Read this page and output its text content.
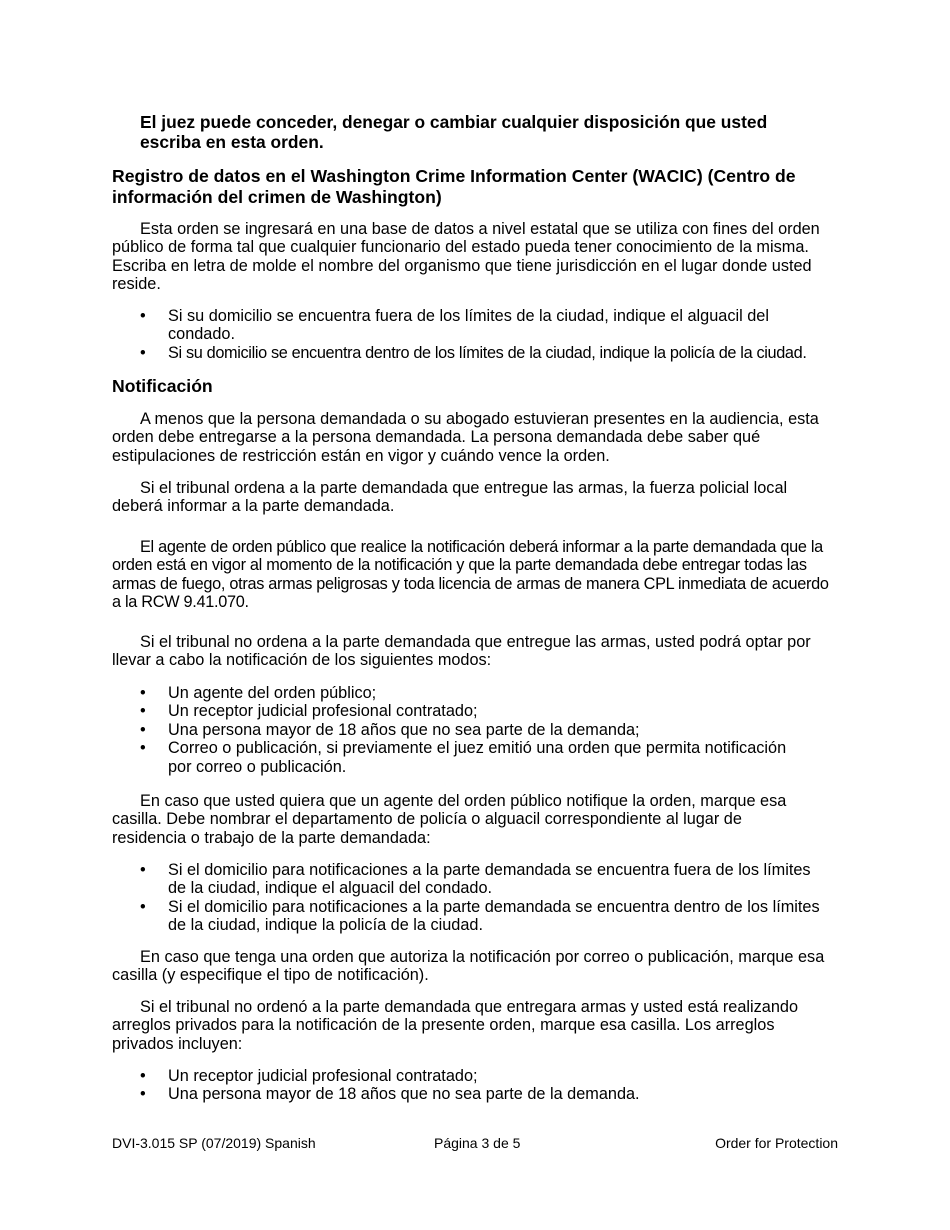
El juez puede conceder, denegar o cambiar cualquier disposición que usted escriba en esta orden.

Registro de datos en el Washington Crime Information Center (WACIC) (Centro de información del crimen de Washington)

Esta orden se ingresará en una base de datos a nivel estatal que se utiliza con fines del orden público de forma tal que cualquier funcionario del estado pueda tener conocimiento de la misma. Escriba en letra de molde el nombre del organismo que tiene jurisdicción en el lugar donde usted reside.

• Si su domicilio se encuentra fuera de los límites de la ciudad, indique el alguacil del condado.
• Si su domicilio se encuentra dentro de los límites de la ciudad, indique la policía de la ciudad.

Notificación

A menos que la persona demandada o su abogado estuvieran presentes en la audiencia, esta orden debe entregarse a la persona demandada. La persona demandada debe saber qué estipulaciones de restricción están en vigor y cuándo vence la orden.

Si el tribunal ordena a la parte demandada que entregue las armas, la fuerza policial local deberá informar a la parte demandada.

El agente de orden público que realice la notificación deberá informar a la parte demandada que la orden está en vigor al momento de la notificación y que la parte demandada debe entregar todas las armas de fuego, otras armas peligrosas y toda licencia de armas de manera CPL inmediata de acuerdo a la RCW 9.41.070.

Si el tribunal no ordena a la parte demandada que entregue las armas, usted podrá optar por llevar a cabo la notificación de los siguientes modos:

• Un agente del orden público;
• Un receptor judicial profesional contratado;
• Una persona mayor de 18 años que no sea parte de la demanda;
• Correo o publicación, si previamente el juez emitió una orden que permita notificación por correo o publicación.

En caso que usted quiera que un agente del orden público notifique la orden, marque esa casilla. Debe nombrar el departamento de policía o alguacil correspondiente al lugar de residencia o trabajo de la parte demandada:

• Si el domicilio para notificaciones a la parte demandada se encuentra fuera de los límites de la ciudad, indique el alguacil del condado.
• Si el domicilio para notificaciones a la parte demandada se encuentra dentro de los límites de la ciudad, indique la policía de la ciudad.

En caso que tenga una orden que autoriza la notificación por correo o publicación, marque esa casilla (y especifique el tipo de notificación).

Si el tribunal no ordenó a la parte demandada que entregara armas y usted está realizando arreglos privados para la notificación de la presente orden, marque esa casilla. Los arreglos privados incluyen:

• Un receptor judicial profesional contratado;
• Una persona mayor de 18 años que no sea parte de la demanda.
DVI-3.015 SP (07/2019) Spanish	Página 3 de 5	Order for Protection
